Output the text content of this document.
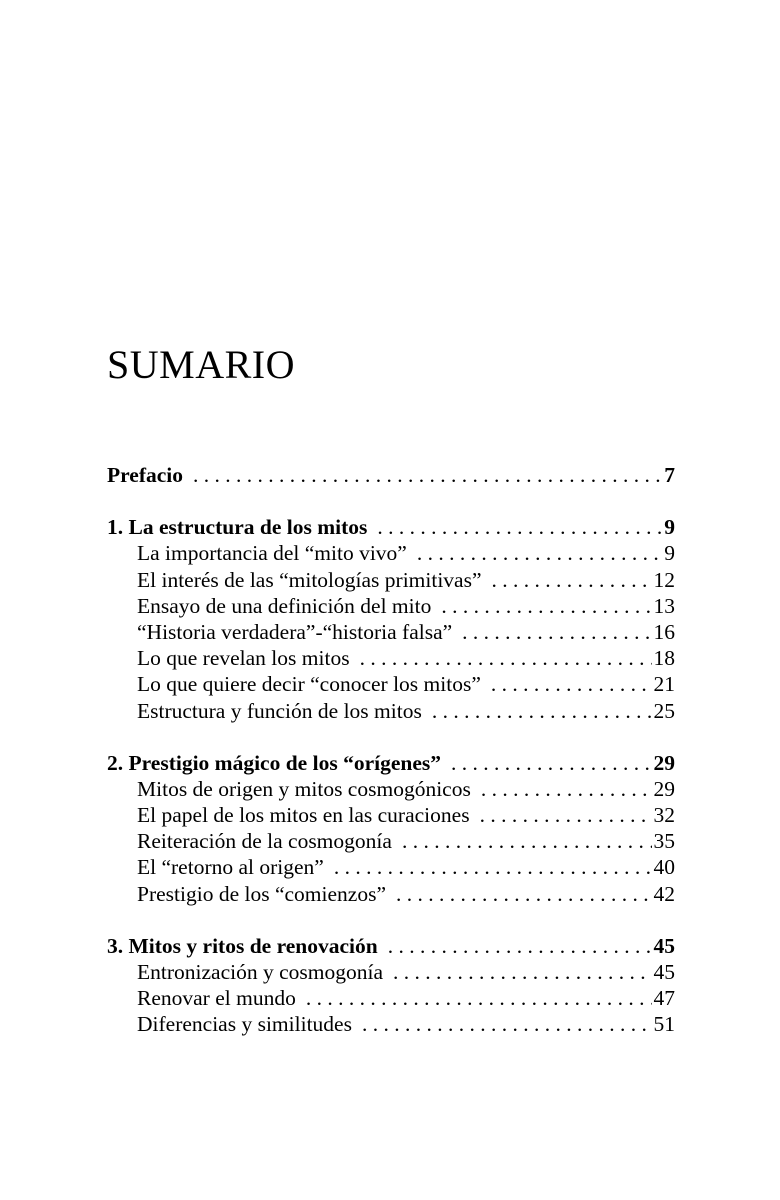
SUMARIO
Prefacio . . .	7
1. La estructura de los mitos . . .	9
La importancia del “mito vivo” . . .	9
El interés de las “mitologías primitivas” . . .	12
Ensayo de una definición del mito . . .	13
“Historia verdadera”-“historia falsa” . . .	16
Lo que revelan los mitos . . .	18
Lo que quiere decir “conocer los mitos” . . .	21
Estructura y función de los mitos . . .	25
2. Prestigio mágico de los “orígenes” . . .	29
Mitos de origen y mitos cosmogónicos . . .	29
El papel de los mitos en las curaciones . . .	32
Reiteración de la cosmogonía . . .	35
El “retorno al origen” . . .	40
Prestigio de los “comienzos” . . .	42
3. Mitos y ritos de renovación . . .	45
Entronización y cosmogonía . . .	45
Renovar el mundo . . .	47
Diferencias y similitudes . . .	51
